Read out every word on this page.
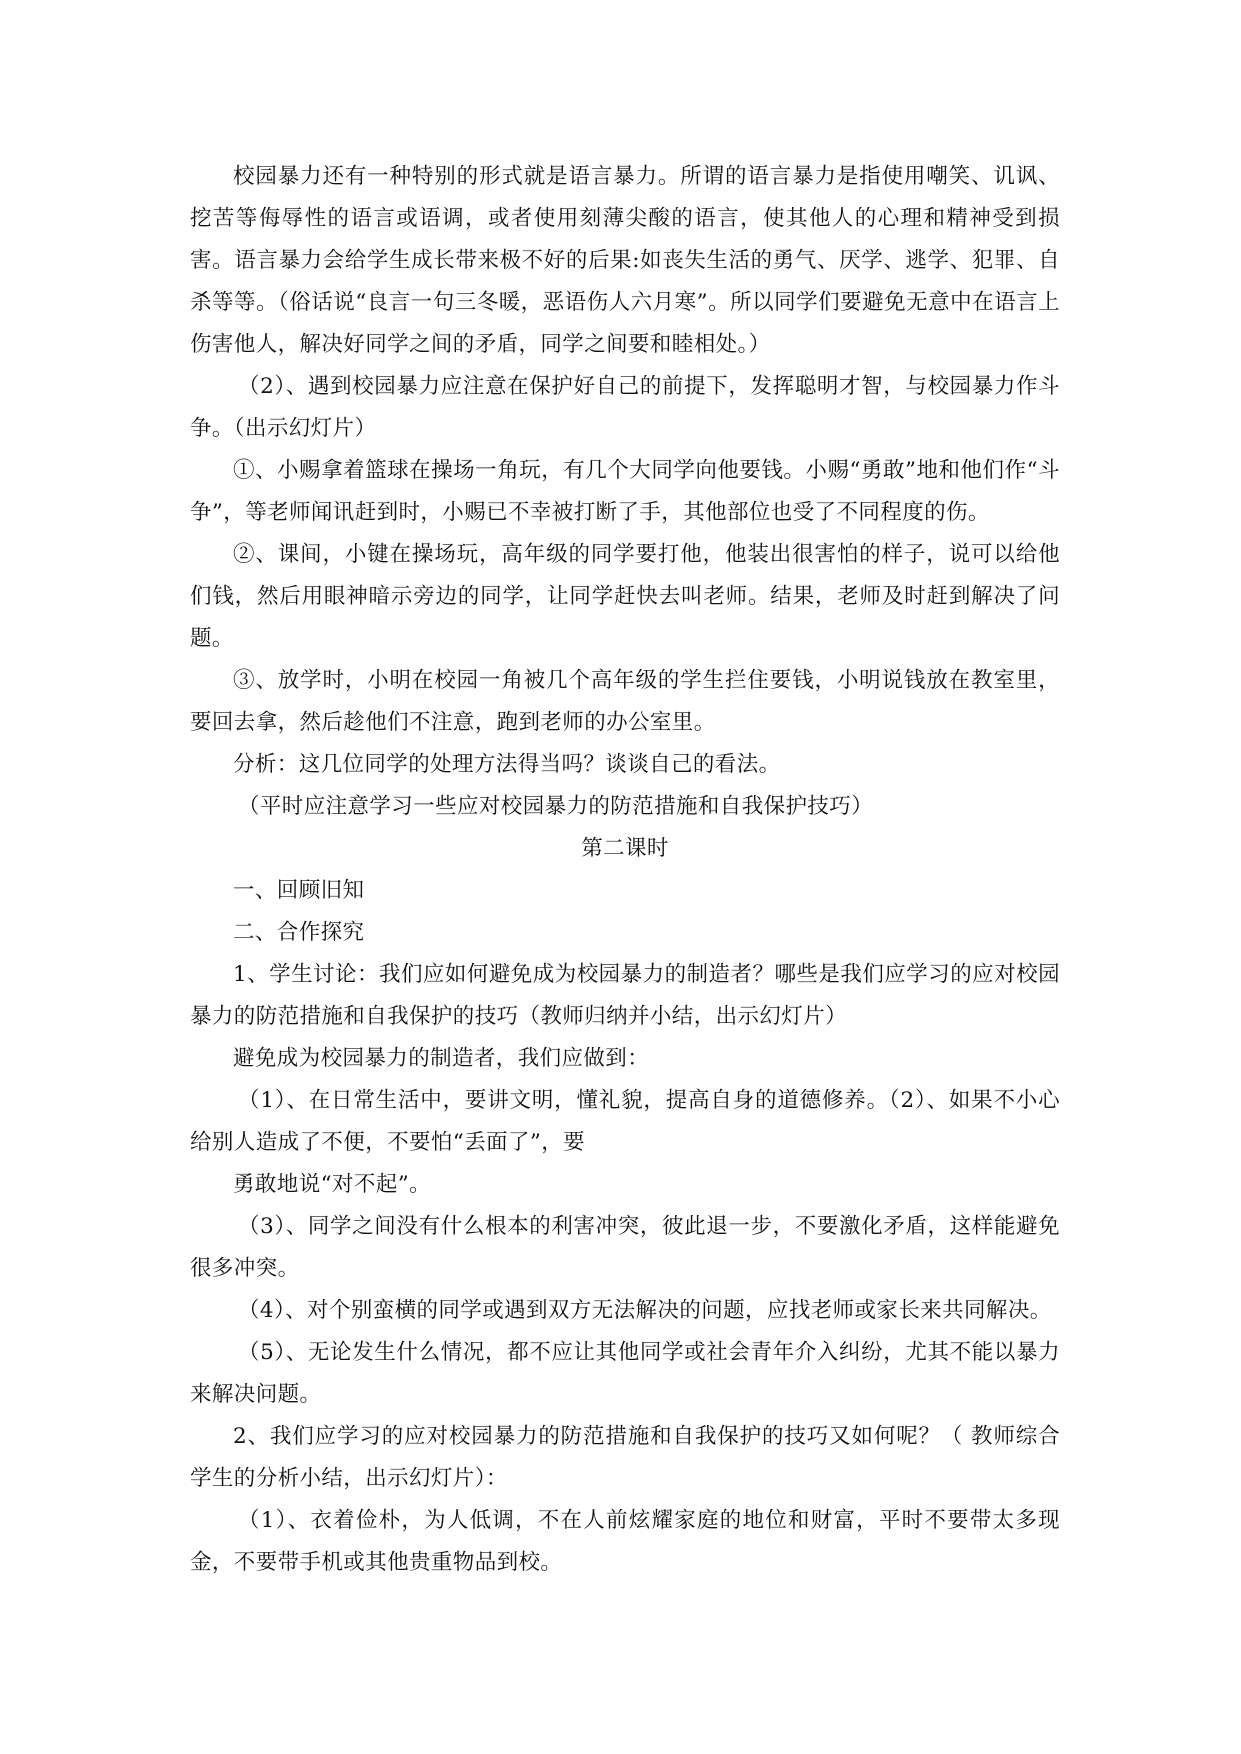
校园暴力还有一种特别的形式就是语言暴力。所谓的语言暴力是指使用嘲笑、讥讽、挖苦等侮辱性的语言或语调，或者使用刻薄尖酸的语言，使其他人的心理和精神受到损害。语言暴力会给学生成长带来极不好的后果:如丧失生活的勇气、厌学、逃学、犯罪、自杀等等。（俗话说“良言一句三冬暖，恶语伤人六月寒”。所以同学们要避免无意中在语言上伤害他人，解决好同学之间的矛盾，同学之间要和睦相处。）

（2）、遇到校园暴力应注意在保护好自己的前提下，发挥聪明才智，与校园暴力作斗争。（出示幻灯片）

①、小赐拿着篮球在操场一角玩，有几个大同学向他要钱。小赐“勇敢”地和他们作“斗争”，等老师闻讯赶到时，小赐已不幸被打断了手，其他部位也受了不同程度的伤。

②、课间，小键在操场玩，高年级的同学要打他，他装出很害怕的样子，说可以给他们钱，然后用眼神暗示旁边的同学，让同学赶快去叫老师。结果，老师及时赶到解决了问题。

③、放学时，小明在校园一角被几个高年级的学生拦住要钱，小明说钱放在教室里，要回去拿，然后趁他们不注意，跑到老师的办公室里。

分析：这几位同学的处理方法得当吗？谈谈自己的看法。

（平时应注意学习一些应对校园暴力的防范措施和自我保护技巧）

第二课时

一、回顾旧知

二、合作探究

1、学生讨论：我们应如何避免成为校园暴力的制造者？哪些是我们应学习的应对校园暴力的防范措施和自我保护的技巧（教师归纳并小结，出示幻灯片）

避免成为校园暴力的制造者，我们应做到：

（1）、在日常生活中，要讲文明，懂礼貌，提高自身的道德修养。（2）、如果不小心给别人造成了不便，不要怕“丢面了”，要

勇敢地说“对不起”。

（3）、同学之间没有什么根本的利害冲突，彼此退一步，不要激化矛盾，这样能避免很多冲突。

（4）、对个别蛮横的同学或遇到双方无法解决的问题，应找老师或家长来共同解决。

（5）、无论发生什么情况，都不应让其他同学或社会青年介入纠纷，尤其不能以暴力来解决问题。

2、我们应学习的应对校园暴力的防范措施和自我保护的技巧又如何呢？（ 教师综合学生的分析小结，出示幻灯片）：

（1）、衣着俭朴，为人低调，不在人前炫耀家庭的地位和财富，平时不要带太多现金，不要带手机或其他贵重物品到校。
